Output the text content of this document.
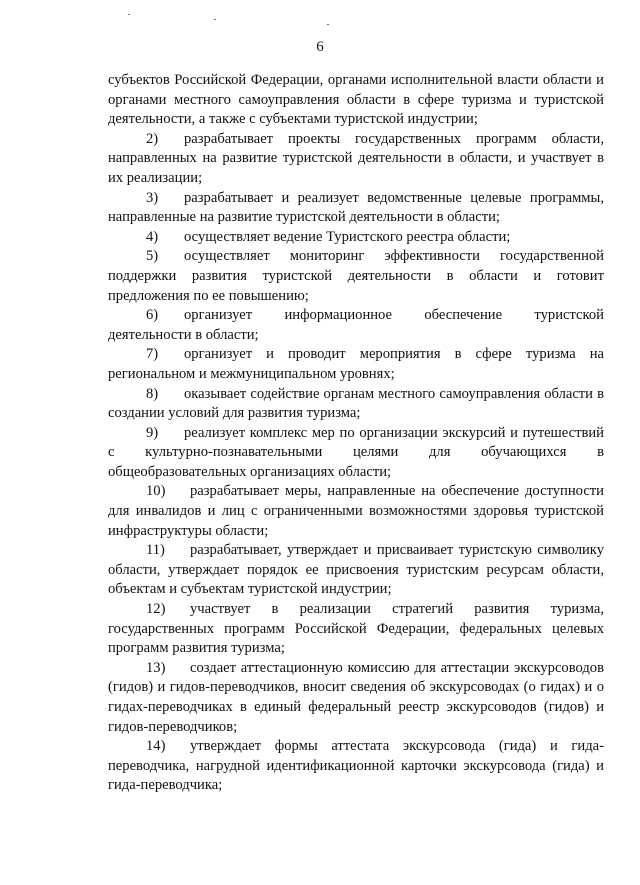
6

субъектов Российской Федерации, органами исполнительной власти области и органами местного самоуправления области в сфере туризма и туристской деятельности, а также с субъектами туристской индустрии;

2) разрабатывает проекты государственных программ области, направленных на развитие туристской деятельности в области, и участвует в их реализации;

3) разрабатывает и реализует ведомственные целевые программы, направленные на развитие туристской деятельности в области;

4) осуществляет ведение Туристского реестра области;

5) осуществляет мониторинг эффективности государственной поддержки развития туристской деятельности в области и готовит предложения по ее повышению;

6) организует информационное обеспечение туристской деятельности в области;

7) организует и проводит мероприятия в сфере туризма на региональном и межмуниципальном уровнях;

8) оказывает содействие органам местного самоуправления области в создании условий для развития туризма;

9) реализует комплекс мер по организации экскурсий и путешествий с культурно-познавательными целями для обучающихся в общеобразовательных организациях области;

10) разрабатывает меры, направленные на обеспечение доступности для инвалидов и лиц с ограниченными возможностями здоровья туристской инфраструктуры области;

11) разрабатывает, утверждает и присваивает туристскую символику области, утверждает порядок ее присвоения туристским ресурсам области, объектам и субъектам туристской индустрии;

12) участвует в реализации стратегий развития туризма, государственных программ Российской Федерации, федеральных целевых программ развития туризма;

13) создает аттестационную комиссию для аттестации экскурсоводов (гидов) и гидов-переводчиков, вносит сведения об экскурсоводах (о гидах) и о гидах-переводчиках в единый федеральный реестр экскурсоводов (гидов) и гидов-переводчиков;

14) утверждает формы аттестата экскурсовода (гида) и гида-переводчика, нагрудной идентификационной карточки экскурсовода (гида) и гида-переводчика;
